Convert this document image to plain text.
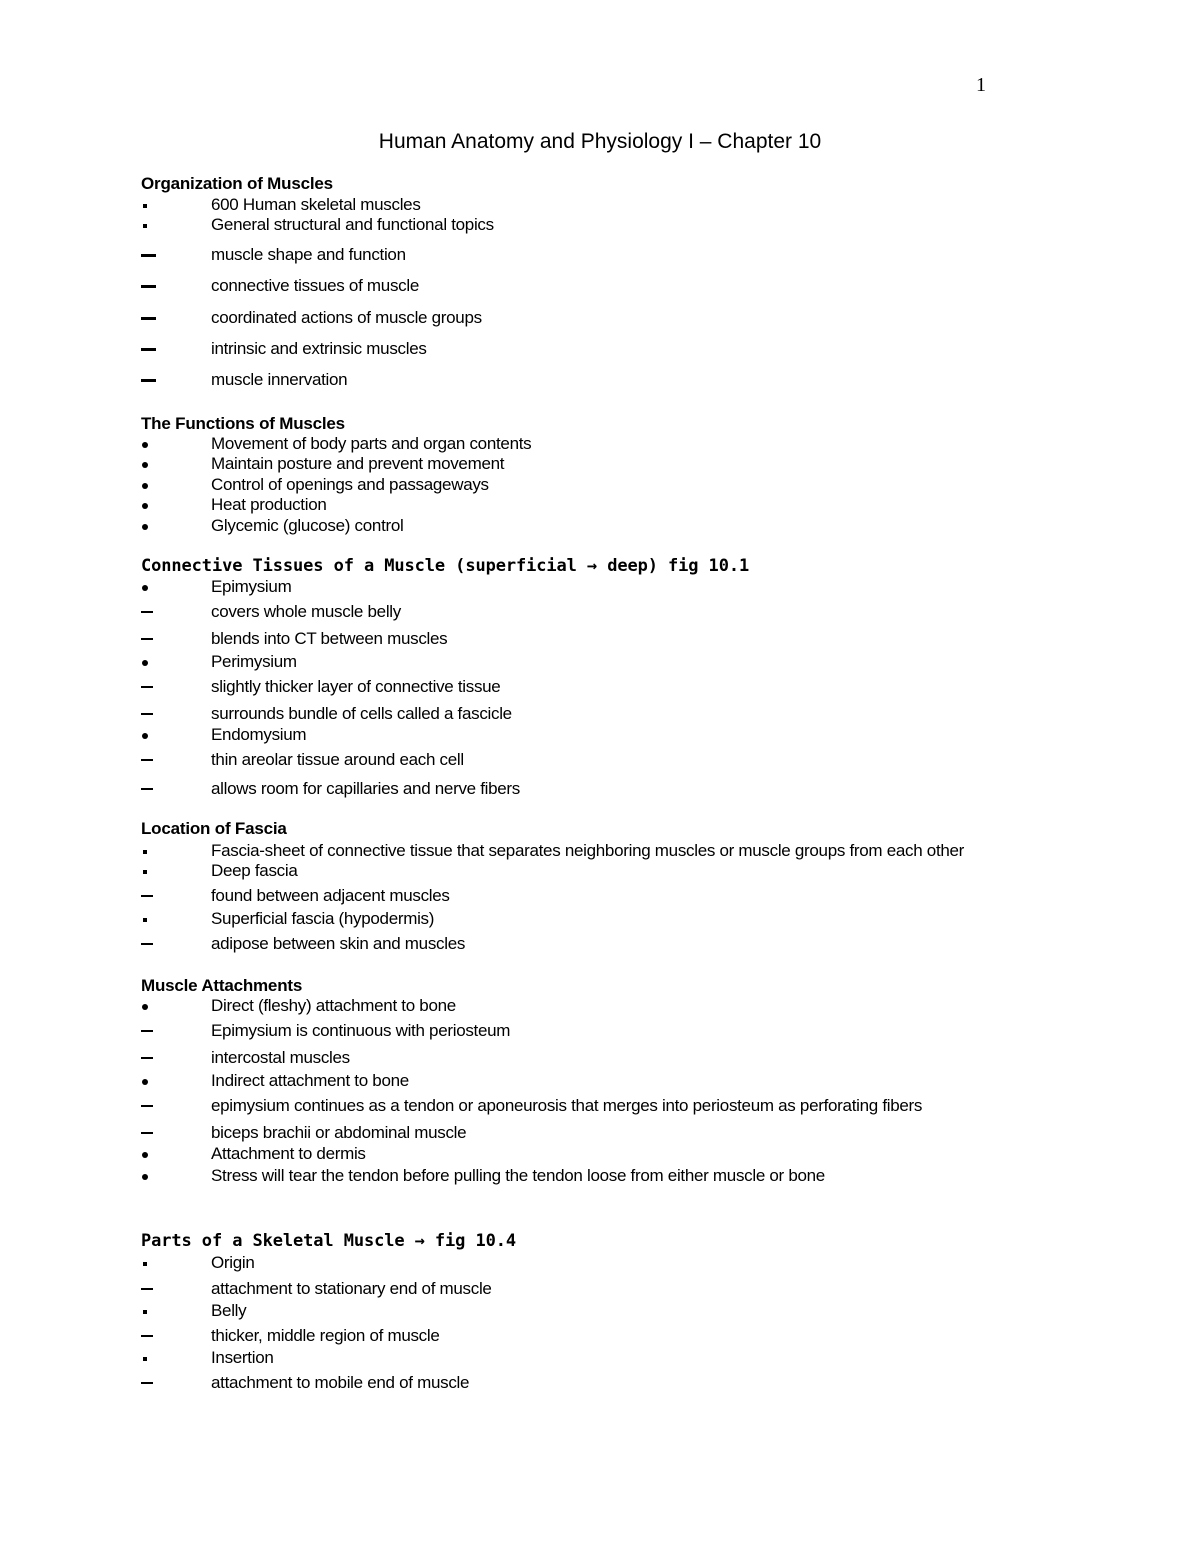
1
Human Anatomy and Physiology I – Chapter 10
Organization of Muscles
600 Human skeletal muscles
General structural and functional topics
muscle shape and function
connective tissues of muscle
coordinated actions of muscle groups
intrinsic and extrinsic muscles
muscle innervation
The Functions of Muscles
Movement of body parts and organ contents
Maintain posture and prevent movement
Control of openings and passageways
Heat production
Glycemic (glucose) control
Connective Tissues of a Muscle (superficial → deep) fig 10.1
Epimysium
covers whole muscle belly
blends into CT between muscles
Perimysium
slightly thicker layer of connective tissue
surrounds bundle of cells called a fascicle
Endomysium
thin areolar tissue around each cell
allows room for capillaries and nerve fibers
Location of Fascia
Fascia-sheet of connective tissue that separates neighboring muscles or muscle groups from each other
Deep fascia
found between adjacent muscles
Superficial fascia (hypodermis)
adipose between skin and muscles
Muscle Attachments
Direct (fleshy) attachment to bone
Epimysium is continuous with periosteum
intercostal muscles
Indirect attachment to bone
epimysium continues as a tendon or aponeurosis that merges into periosteum as perforating fibers
biceps brachii or abdominal muscle
Attachment to dermis
Stress will tear the tendon before pulling the tendon loose from either muscle or bone
Parts of a Skeletal Muscle → fig 10.4
Origin
attachment to stationary end of muscle
Belly
thicker, middle region of muscle
Insertion
attachment to mobile end of muscle
